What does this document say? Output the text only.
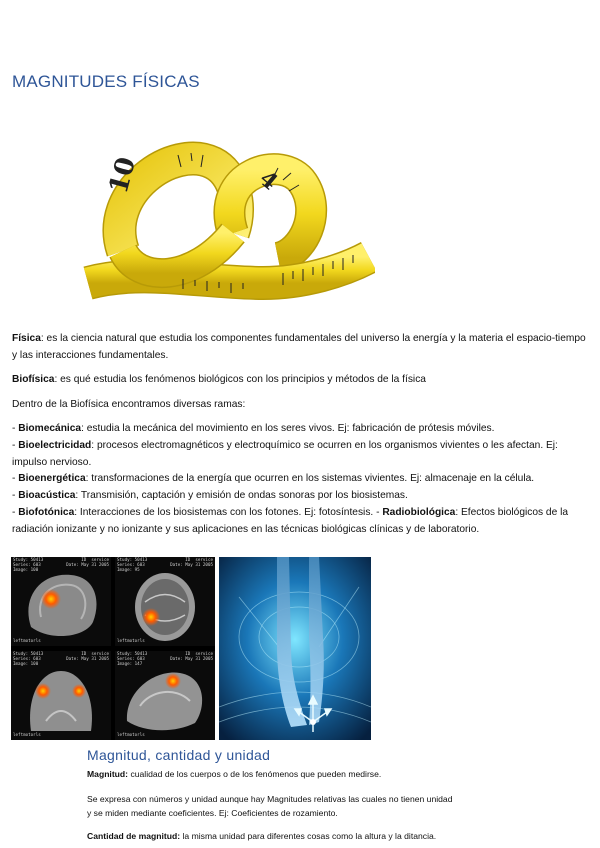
MAGNITUDES FÍSICAS
10	4

Física: es la ciencia natural que estudia los componentes fundamentales del universo la energía y la materia el espacio-tiempo y las interacciones fundamentales.

Biofísica: es qué estudia los fenómenos biológicos con los principios y métodos de la física

Dentro de la Biofísica encontramos diversas ramas:

- Biomecánica: estudia la mecánica del movimiento en los seres vivos. Ej: fabricación de prótesis móviles.
- Bioelectricidad: procesos electromagnéticos y electroquímico se ocurren en los organismos vivientes o les afectan. Ej: impulso nervioso.
- Bioenergética: transformaciones de la energía que ocurren en los sistemas vivientes. Ej: almacenaje en la célula.
- Bioacústica: Transmisión, captación y emisión de ondas sonoras por los biosistemas.
- Biofotónica: Interacciones de los biosistemas con los fotones. Ej: fotosíntesis. - Radiobiológica: Efectos biológicos de la radiación ionizante y no ionizante y sus aplicaciones en las técnicas biológicas clínicas y de laboratorio.
Study: 50413
Series: 603
Image: 100
ID  service
Date: May 31 2005
leftmotorls
Study: 50413
Series: 603
Image: 95
ID  service
Date: May 31 2005
leftmotorls
Study: 50413
Series: 603
Image: 100
ID  service
Date: May 31 2005
leftmotorls
Study: 50413
Series: 603
Image: 147
ID  service
Date: May 31 2005
leftmotorls
Magnitud, cantidad y unidad

Magnitud: cualidad de los cuerpos o de los fenómenos que pueden medirse.

Se expresa con números y unidad aunque hay Magnitudes relativas las cuales no tienen unidad
y se miden mediante coeficientes. Ej: Coeficientes de rozamiento.

Cantidad de magnitud: la misma unidad para diferentes cosas como la altura y la ditancia.
